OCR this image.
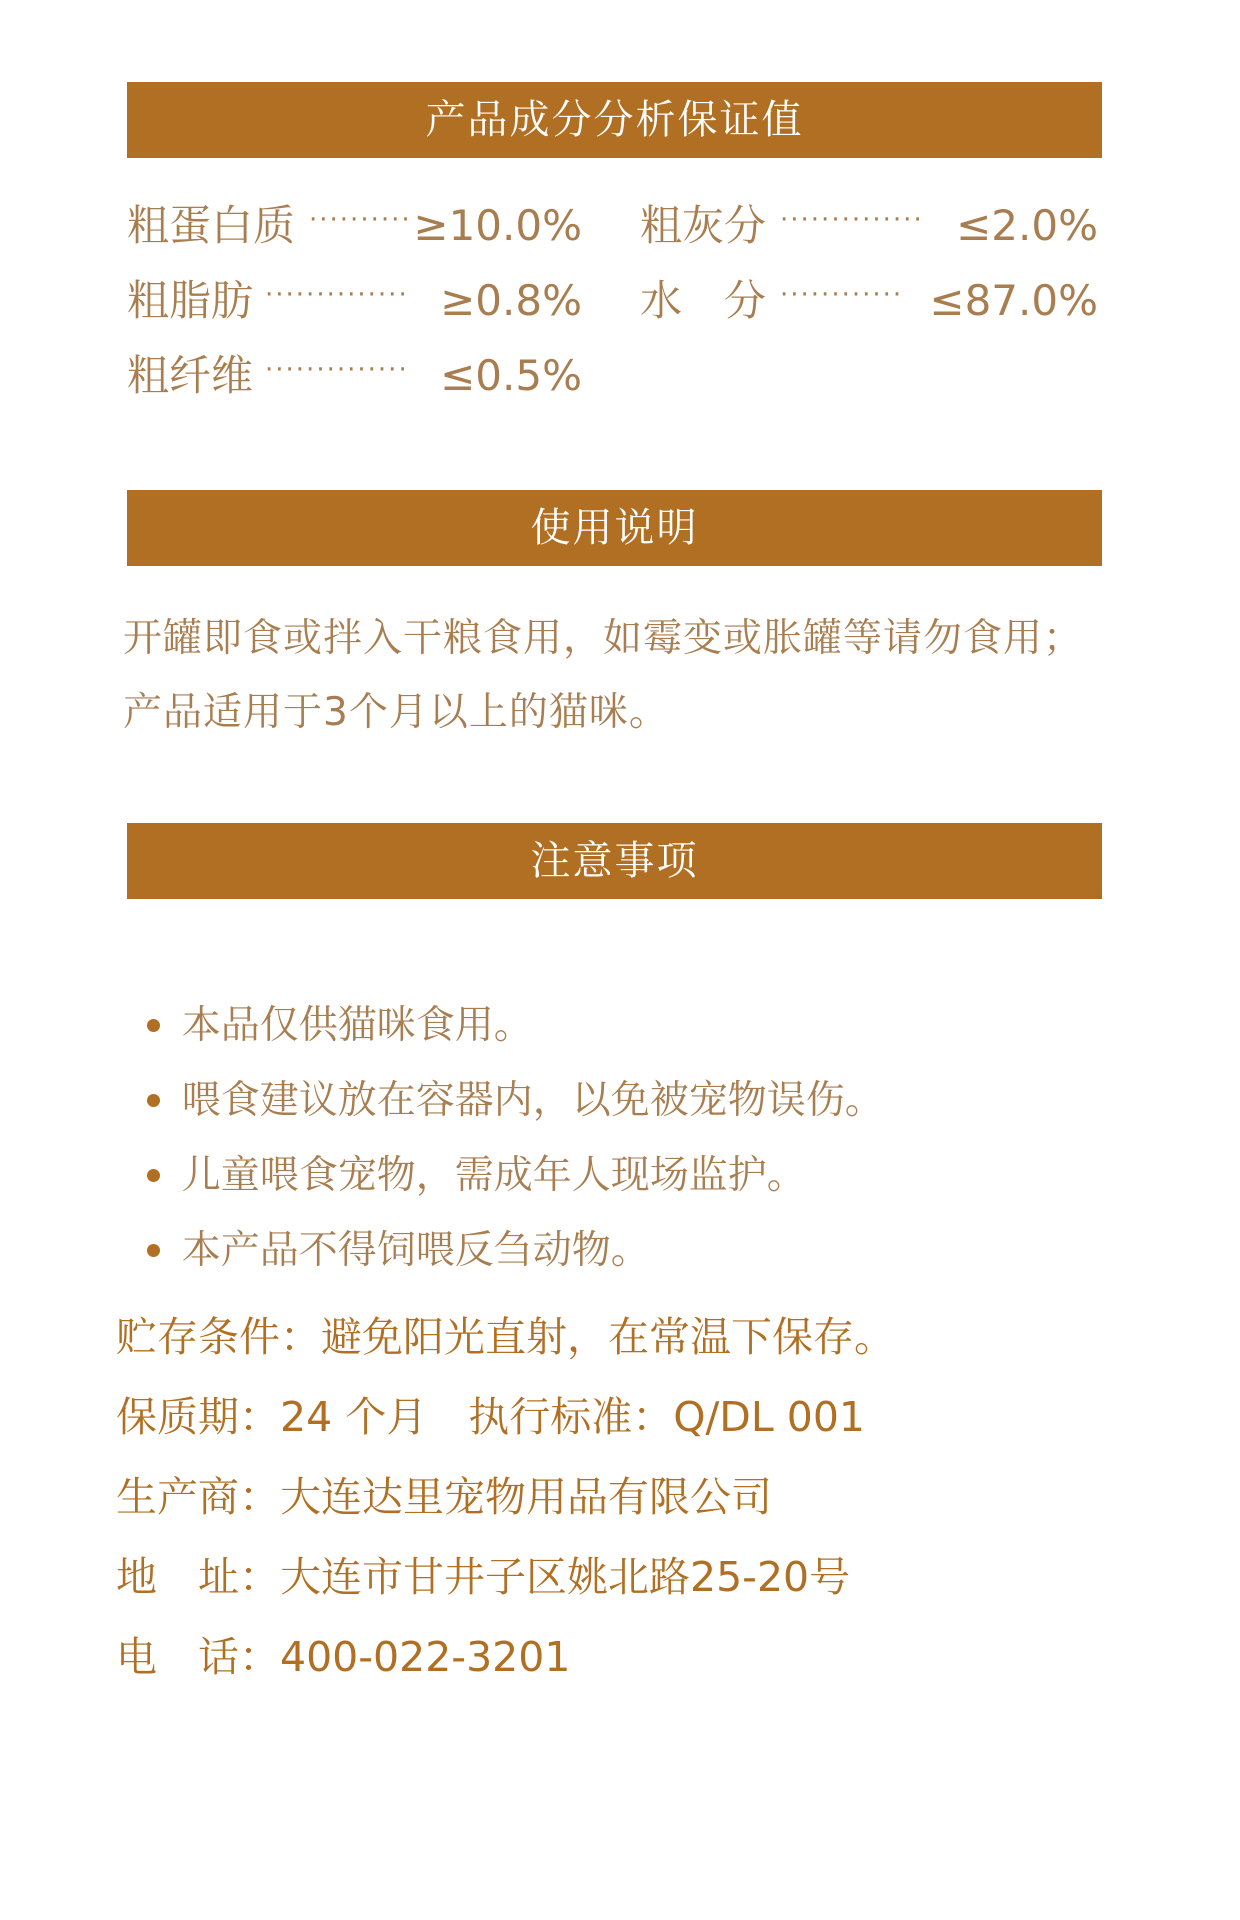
产品成分分析保证值
粗蛋白质 ·········· ≥10.0% 粗灰分 ·············· ≤2.0%
粗脂肪 ·············· ≥0.8% 水　分 ············ ≤87.0%
粗纤维 ·············· ≤0.5%
使用说明
开罐即食或拌入干粮食用，如霉变或胀罐等请勿食用；
产品适用于3个月以上的猫咪。
注意事项

本品仅供猫咪食用。

喂食建议放在容器内，以免被宠物误伤。

儿童喂食宠物，需成年人现场监护。

本产品不得饲喂反刍动物。

贮存条件：避免阳光直射，在常温下保存。
保质期：24 个月　执行标准：Q/DL 001
生产商：大连达里宠物用品有限公司
地　址：大连市甘井子区姚北路25-20号
电　话：400-022-3201
